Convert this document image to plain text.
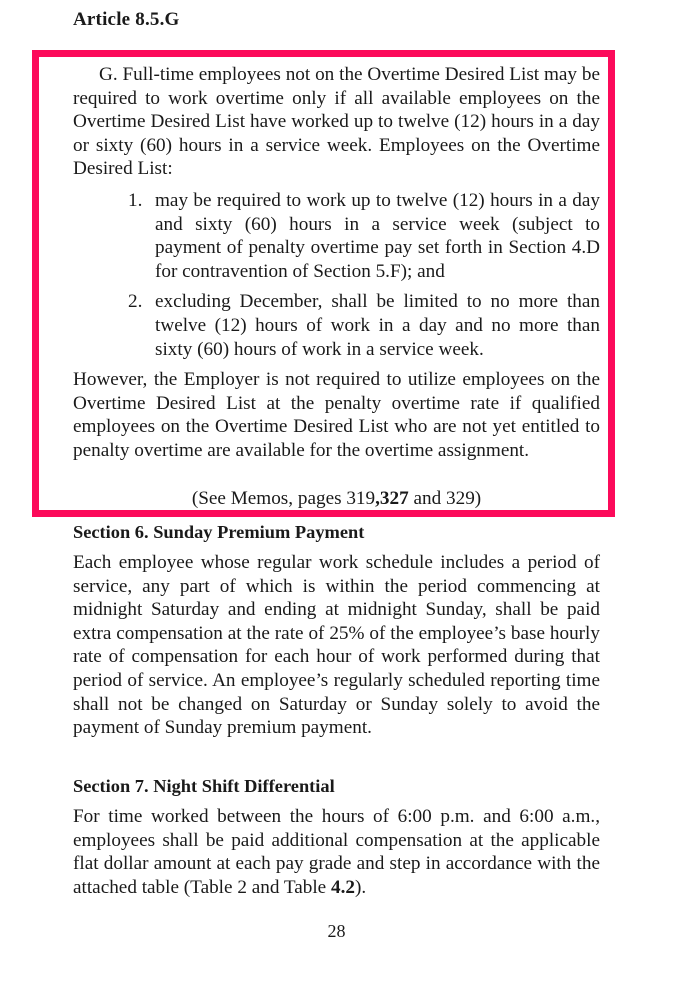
Article 8.5.G

G. Full-time employees not on the Overtime Desired List may be required to work overtime only if all available employees on the Overtime Desired List have worked up to twelve (12) hours in a day or sixty (60) hours in a service week. Employees on the Overtime Desired List:

1. may be required to work up to twelve (12) hours in a day and sixty (60) hours in a service week (subject to payment of penalty overtime pay set forth in Section 4.D for contravention of Section 5.F); and

2. excluding December, shall be limited to no more than twelve (12) hours of work in a day and no more than sixty (60) hours of work in a service week.

However, the Employer is not required to utilize employees on the Overtime Desired List at the penalty overtime rate if qualified employees on the Overtime Desired List who are not yet entitled to penalty overtime are available for the overtime assignment.

(See Memos, pages 319,327 and 329)

Section 6. Sunday Premium Payment

Each employee whose regular work schedule includes a period of service, any part of which is within the period commencing at midnight Saturday and ending at midnight Sunday, shall be paid extra compensation at the rate of 25% of the employee’s base hourly rate of compensation for each hour of work performed during that period of service. An employee’s regularly scheduled reporting time shall not be changed on Saturday or Sunday solely to avoid the payment of Sunday premium payment.

Section 7. Night Shift Differential

For time worked between the hours of 6:00 p.m. and 6:00 a.m., employees shall be paid additional compensation at the applicable flat dollar amount at each pay grade and step in accordance with the attached table (Table 2 and Table 4.2).

28
